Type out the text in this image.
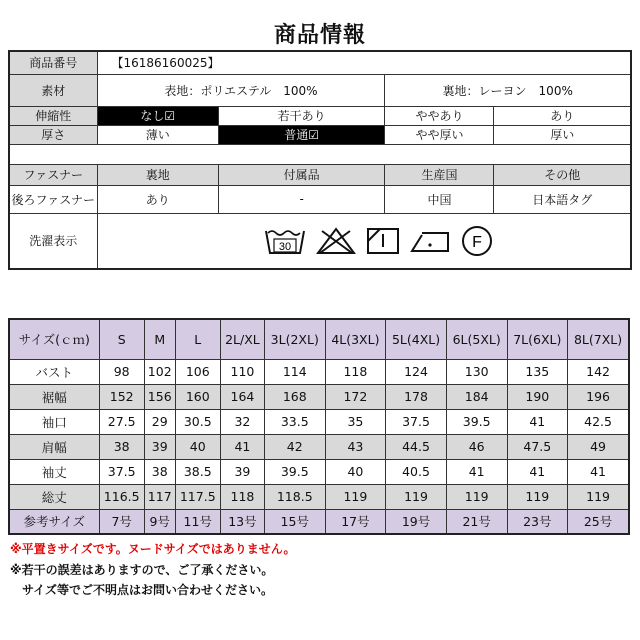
商品情報
商品番号	【16186160025】			
素材	表地：ポリエステル　100%		裏地：レーヨン　100%	
伸縮性	なし☑	若干あり	ややあり	あり
厚さ	薄い	普通☑	やや厚い	厚い

ファスナー	裏地	付属品	生産国	その他
後ろファスナー	あり	-	中国	日本語タグ
洗濯表示	30 F			
サイズ(ｃｍ)	S	M	L	2L/XL	3L(2XL)	4L(3XL)	5L(4XL)	6L(5XL)	7L(6XL)	8L(7XL)
バスト	98	102	106	110	114	118	124	130	135	142
裾幅	152	156	160	164	168	172	178	184	190	196
袖口	27.5	29	30.5	32	33.5	35	37.5	39.5	41	42.5
肩幅	38	39	40	41	42	43	44.5	46	47.5	49
袖丈	37.5	38	38.5	39	39.5	40	40.5	41	41	41
総丈	116.5	117	117.5	118	118.5	119	119	119	119	119
参考サイズ	7号	9号	11号	13号	15号	17号	19号	21号	23号	25号
※平置きサイズです。ヌードサイズではありません。
※若干の誤差はありますので、ご了承ください。
　サイズ等でご不明点はお問い合わせください。
